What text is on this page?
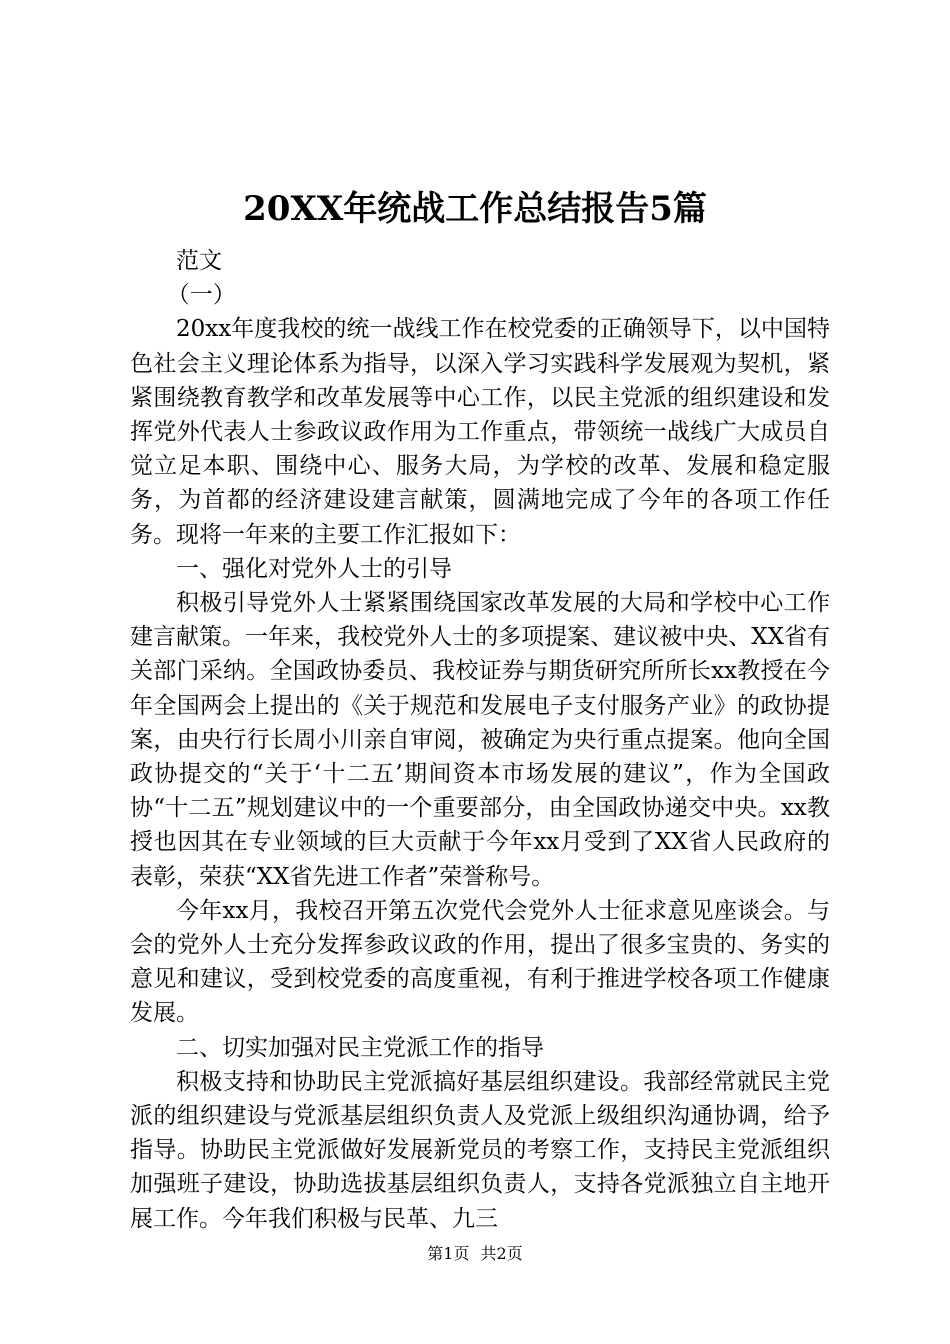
20XX年统战工作总结报告5篇

范文

（一）

20xx年度我校的统一战线工作在校党委的正确领导下，以中国特色社会主义理论体系为指导，以深入学习实践科学发展观为契机，紧紧围绕教育教学和改革发展等中心工作，以民主党派的组织建设和发挥党外代表人士参政议政作用为工作重点，带领统一战线广大成员自觉立足本职、围绕中心、服务大局，为学校的改革、发展和稳定服务，为首都的经济建设建言献策，圆满地完成了今年的各项工作任务。现将一年来的主要工作汇报如下：

一、强化对党外人士的引导

积极引导党外人士紧紧围绕国家改革发展的大局和学校中心工作建言献策。一年来，我校党外人士的多项提案、建议被中央、XX省有关部门采纳。全国政协委员、我校证券与期货研究所所长xx教授在今年全国两会上提出的《关于规范和发展电子支付服务产业》的政协提案，由央行行长周小川亲自审阅，被确定为央行重点提案。他向全国政协提交的“关于‘十二五’期间资本市场发展的建议”，作为全国政协“十二五”规划建议中的一个重要部分，由全国政协递交中央。xx教授也因其在专业领域的巨大贡献于今年xx月受到了XX省人民政府的表彰，荣获“XX省先进工作者”荣誉称号。

今年xx月，我校召开第五次党代会党外人士征求意见座谈会。与会的党外人士充分发挥参政议政的作用，提出了很多宝贵的、务实的意见和建议，受到校党委的高度重视，有利于推进学校各项工作健康发展。

二、切实加强对民主党派工作的指导

积极支持和协助民主党派搞好基层组织建设。我部经常就民主党派的组织建设与党派基层组织负责人及党派上级组织沟通协调，给予指导。协助民主党派做好发展新党员的考察工作，支持民主党派组织加强班子建设，协助选拔基层组织负责人，支持各党派独立自主地开展工作。今年我们积极与民革、九三

第1页 共2页
